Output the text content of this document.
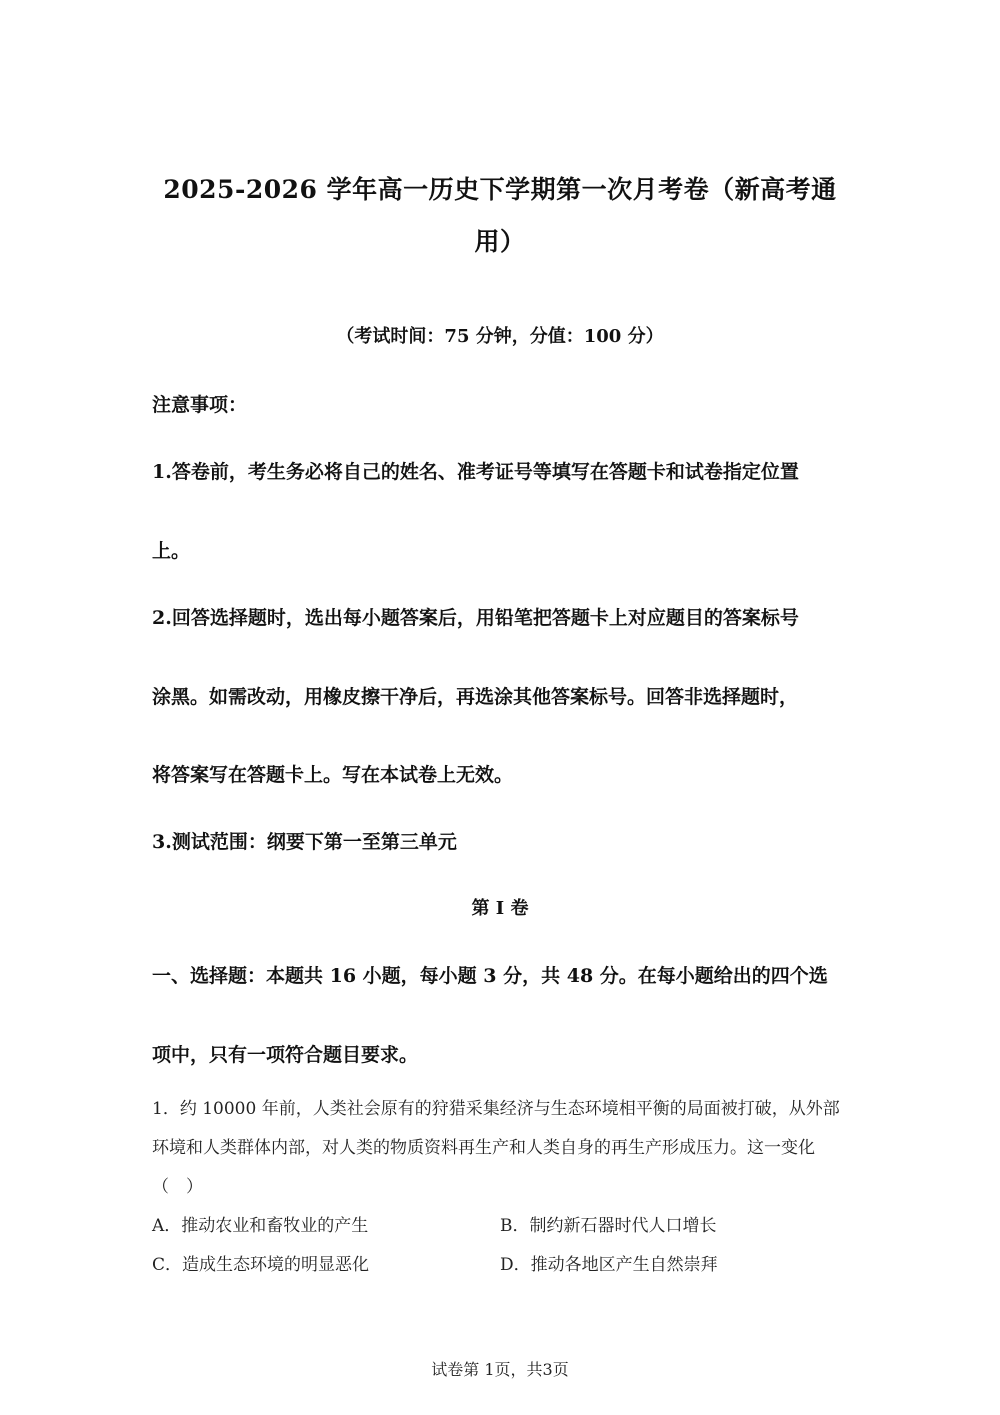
2025-2026 学年高一历史下学期第一次月考卷（新高考通
用）
（考试时间：75 分钟，分值：100 分）
注意事项：
1.答卷前，考生务必将自己的姓名、准考证号等填写在答题卡和试卷指定位置
上。
2.回答选择题时，选出每小题答案后，用铅笔把答题卡上对应题目的答案标号
涂黑。如需改动，用橡皮擦干净后，再选涂其他答案标号。回答非选择题时，
将答案写在答题卡上。写在本试卷上无效。
3.测试范围：纲要下第一至第三单元
第 Ⅰ 卷
一、选择题：本题共 16 小题，每小题 3 分，共 48 分。在每小题给出的四个选
项中，只有一项符合题目要求。
1．约 10000 年前，人类社会原有的狩猎采集经济与生态环境相平衡的局面被打破，从外部
环境和人类群体内部，对人类的物质资料再生产和人类自身的再生产形成压力。这一变化
（　）
A．推动农业和畜牧业的产生	B．制约新石器时代人口增长
C．造成生态环境的明显恶化	D．推动各地区产生自然崇拜
试卷第 1页，共3页
